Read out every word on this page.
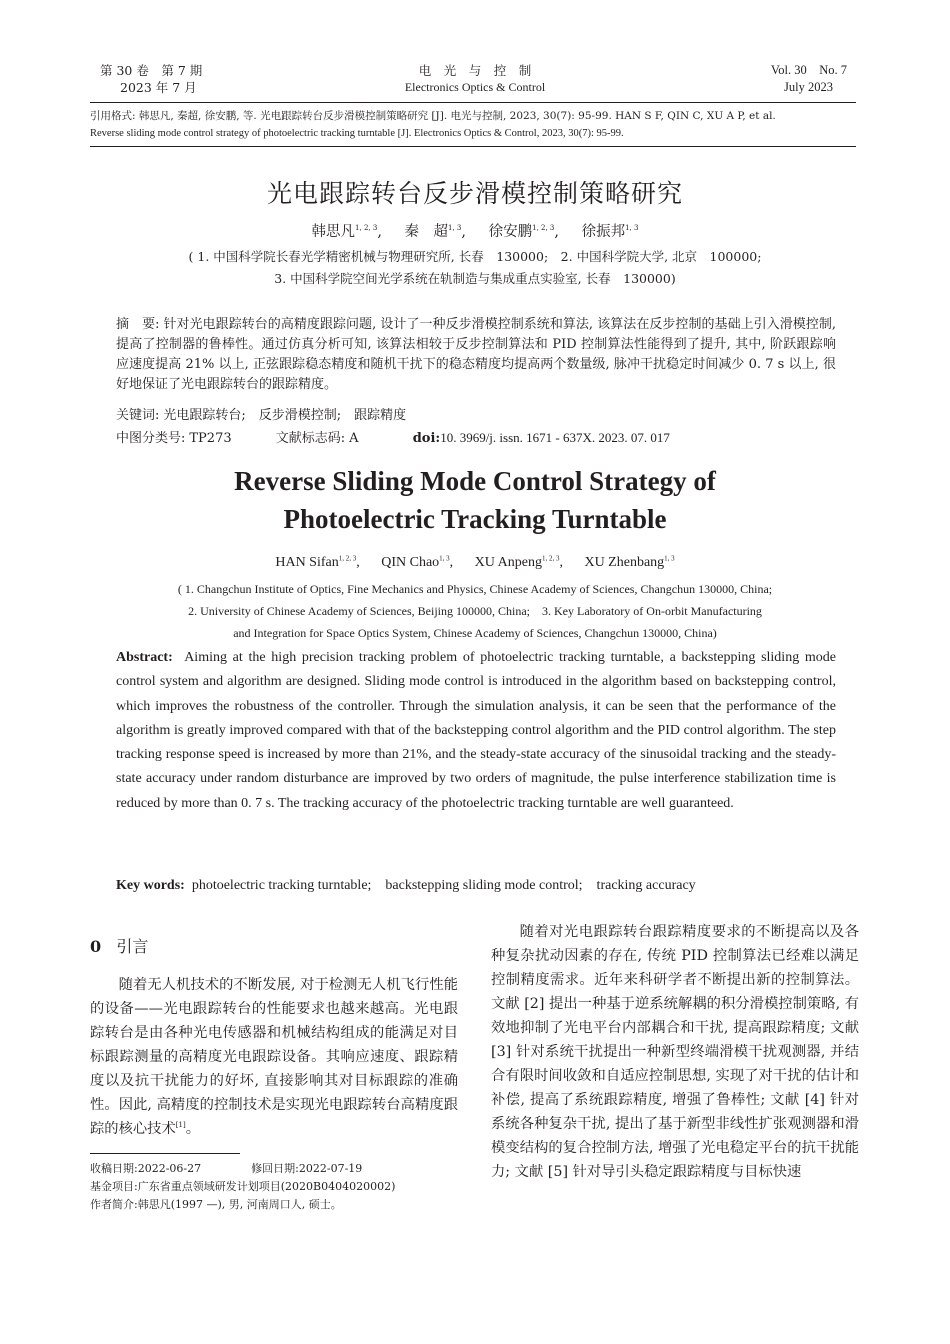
第 30 卷　第 7 期
2023 年 7 月
电　光　与　控　制
Electronics Optics & Control
Vol. 30　No. 7
July 2023
引用格式: 韩思凡, 秦超, 徐安鹏, 等. 光电跟踪转台反步滑模控制策略研究 [J]. 电光与控制, 2023, 30(7): 95-99. HAN S F, QIN C, XU A P, et al.
Reverse sliding mode control strategy of photoelectric tracking turntable [J]. Electronics Optics & Control, 2023, 30(7): 95-99.
光电跟踪转台反步滑模控制策略研究
韩思凡$^{1, 2, 3}$, 秦　超$^{1, 3}$, 徐安鹏$^{1, 2, 3}$, 徐振邦$^{1, 3}$
( 1. 中国科学院长春光学精密机械与物理研究所, 长春　130000;　2. 中国科学院大学, 北京　100000;
3. 中国科学院空间光学系统在轨制造与集成重点实验室, 长春　130000)
摘　要: 针对光电跟踪转台的高精度跟踪问题, 设计了一种反步滑模控制系统和算法, 该算法在反步控制的基础上引入滑模控制, 提高了控制器的鲁棒性。通过仿真分析可知, 该算法相较于反步控制算法和 PID 控制算法性能得到了提升, 其中, 阶跃跟踪响应速度提高 21% 以上, 正弦跟踪稳态精度和随机干扰下的稳态精度均提高两个数量级, 脉冲干扰稳定时间减少 0. 7 s 以上, 很好地保证了光电跟踪转台的跟踪精度。
关键词: 光电跟踪转台;　反步滑模控制;　跟踪精度
中图分类号: TP273	文献标志码: A	doi:10. 3969/j. issn. 1671 - 637X. 2023. 07. 017
Reverse Sliding Mode Control Strategy of
Photoelectric Tracking Turntable
HAN Sifan$^{1, 2, 3}$, QIN Chao$^{1, 3}$, XU Anpeng$^{1, 2, 3}$, XU Zhenbang$^{1, 3}$
( 1. Changchun Institute of Optics, Fine Mechanics and Physics, Chinese Academy of Sciences, Changchun 130000, China;
2. University of Chinese Academy of Sciences, Beijing 100000, China;　3. Key Laboratory of On-orbit Manufacturing
and Integration for Space Optics System, Chinese Academy of Sciences, Changchun 130000, China)
Abstract: Aiming at the high precision tracking problem of photoelectric tracking turntable, a backstepping sliding mode control system and algorithm are designed. Sliding mode control is introduced in the algorithm based on backstepping control, which improves the robustness of the controller. Through the simulation analysis, it can be seen that the performance of the algorithm is greatly improved compared with that of the backstepping control algorithm and the PID control algorithm. The step tracking response speed is increased by more than 21%, and the steady-state accuracy of the sinusoidal tracking and the steady-state accuracy under random disturbance are improved by two orders of magnitude, the pulse interference stabilization time is reduced by more than 0. 7 s. The tracking accuracy of the photoelectric tracking turntable are well guaranteed.
Key words: photoelectric tracking turntable;　backstepping sliding mode control;　tracking accuracy
0 引言
随着无人机技术的不断发展, 对于检测无人机飞行性能的设备——光电跟踪转台的性能要求也越来越高。光电跟踪转台是由各种光电传感器和机械结构组成的能满足对目标跟踪测量的高精度光电跟踪设备。其响应速度、跟踪精度以及抗干扰能力的好坏, 直接影响其对目标跟踪的准确性。因此, 高精度的控制技术是实现光电跟踪转台高精度跟踪的核心技术[1]。
收稿日期:2022-06-27	修回日期:2022-07-19
基金项目:广东省重点领域研发计划项目(2020B0404020002)
作者简介:韩思凡(1997 —), 男, 河南周口人, 硕士。
随着对光电跟踪转台跟踪精度要求的不断提高以及各种复杂扰动因素的存在, 传统 PID 控制算法已经难以满足控制精度需求。近年来科研学者不断提出新的控制算法。文献 [2] 提出一种基于逆系统解耦的积分滑模控制策略, 有效地抑制了光电平台内部耦合和干扰, 提高跟踪精度; 文献 [3] 针对系统干扰提出一种新型终端滑模干扰观测器, 并结合有限时间收敛和自适应控制思想, 实现了对干扰的估计和补偿, 提高了系统跟踪精度, 增强了鲁棒性; 文献 [4] 针对系统各种复杂干扰, 提出了基于新型非线性扩张观测器和滑模变结构的复合控制方法, 增强了光电稳定平台的抗干扰能力; 文献 [5] 针对导引头稳定跟踪精度与目标快速
